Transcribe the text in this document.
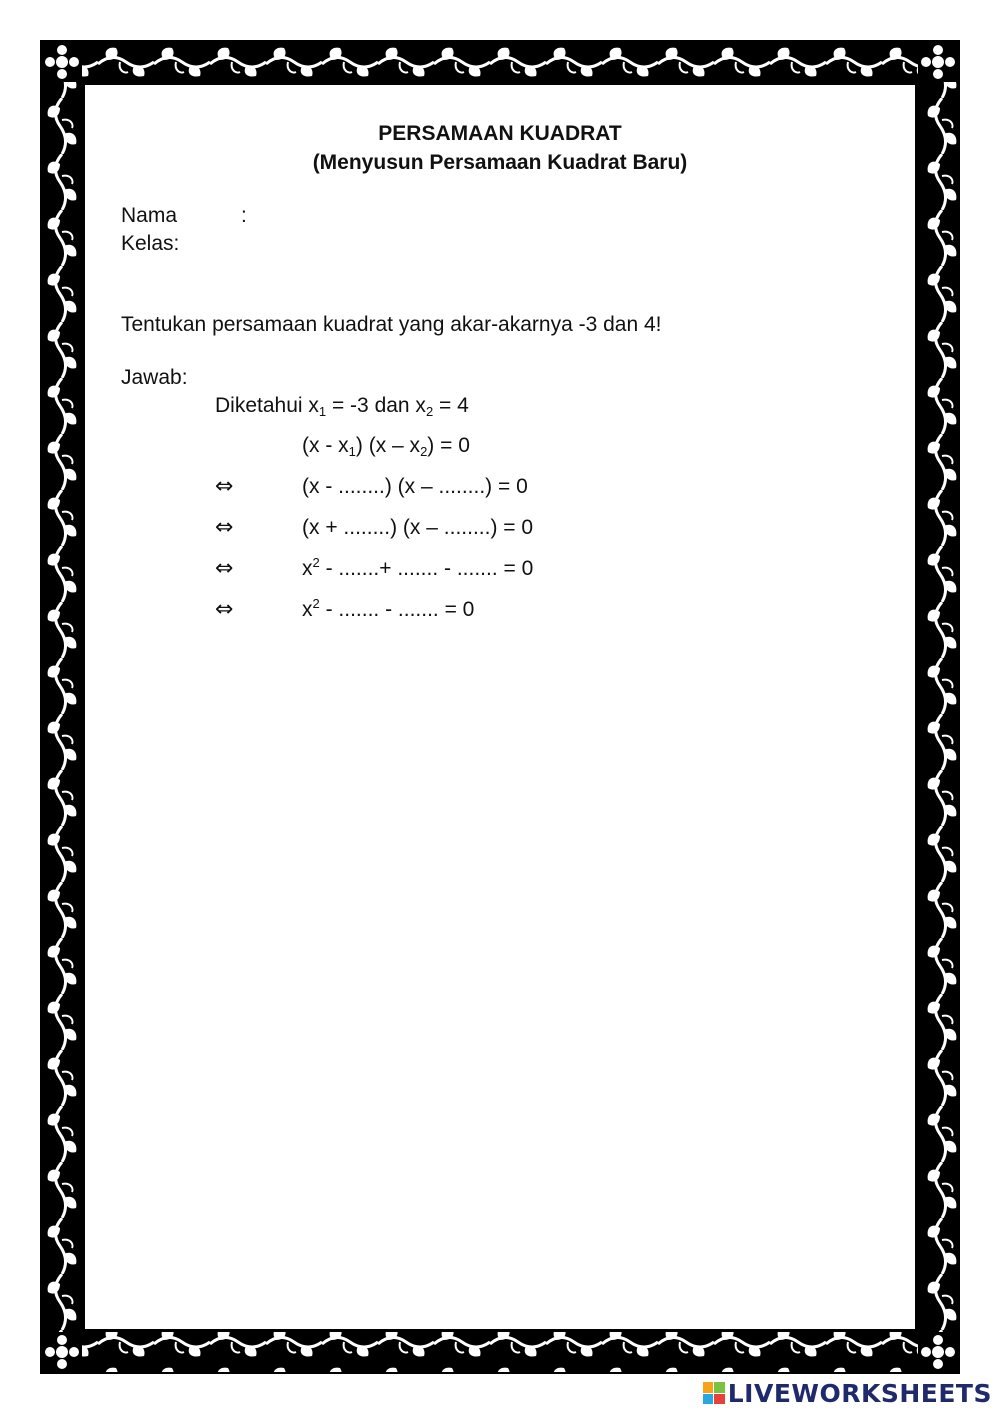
PERSAMAAN KUADRAT
(Menyusun Persamaan Kuadrat Baru)
Nama	:
Kelas:
Tentukan persamaan kuadrat yang akar-akarnya -3 dan 4!
Jawab:
Diketahui $x_1 = -3$ dan $x_2 = 4$
$(x - x_1)$ $(x - x_2) = 0$
⇔	(x - ........) (x – ........) = 0
⇔	(x + ........) (x – ........) = 0
⇔	$x^2$ - .......+ ....... - ....... = 0
⇔	$x^2$ - ....... - ....... = 0
LIVEWORKSHEETS
